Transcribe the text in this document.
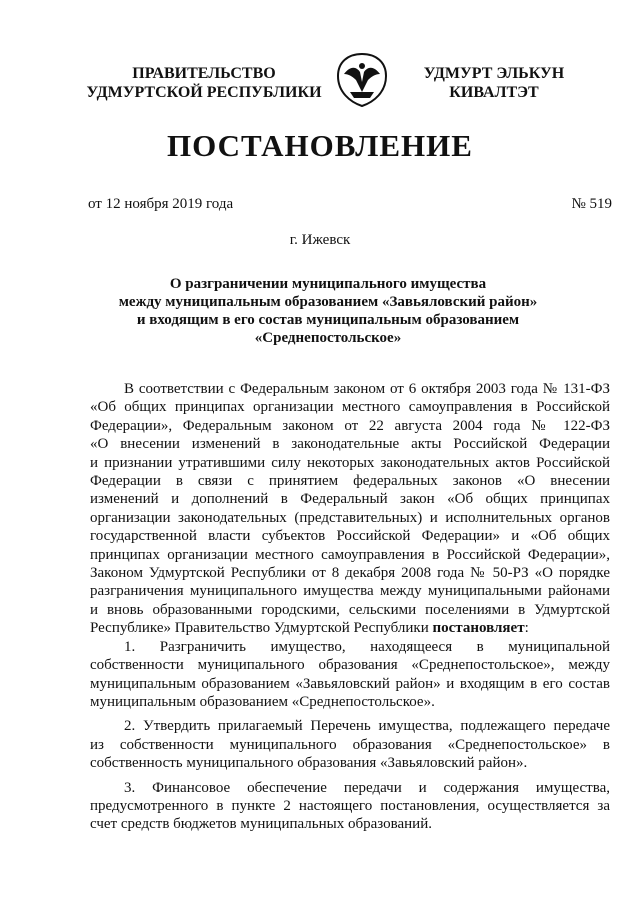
ПРАВИТЕЛЬСТВО
УДМУРТСКОЙ РЕСПУБЛИКИ
УДМУРТ ЭЛЬКУН
КИВАЛТЭТ
ПОСТАНОВЛЕНИЕ
от 12 ноября 2019 года	№ 519
г. Ижевск
О разграничении муниципального имущества
между муниципальным образованием «Завьяловский район»
и входящим в его состав муниципальным образованием
«Среднепостольское»
В соответствии с Федеральным законом от 6 октября 2003 года № 131-ФЗ
«Об общих принципах организации местного самоуправления в Российской
Федерации», Федеральным законом от 22 августа 2004 года № 122-ФЗ
«О внесении изменений в законодательные акты Российской Федерации
и признании утратившими силу некоторых законодательных актов Российской
Федерации в связи с принятием федеральных законов «О внесении
изменений и дополнений в Федеральный закон «Об общих принципах
организации законодательных (представительных) и исполнительных органов
государственной власти субъектов Российской Федерации» и «Об общих
принципах организации местного самоуправления в Российской Федерации»,
Законом Удмуртской Республики от 8 декабря 2008 года № 50-РЗ «О порядке
разграничения муниципального имущества между муниципальными районами
и вновь образованными городскими, сельскими поселениями в Удмуртской
Республике» Правительство Удмуртской Республики постановляет:
1. Разграничить имущество, находящееся в муниципальной
собственности муниципального образования «Среднепостольское», между
муниципальным образованием «Завьяловский район» и входящим в его состав
муниципальным образованием «Среднепостольское».
2. Утвердить прилагаемый Перечень имущества, подлежащего передаче
из собственности муниципального образования «Среднепостольское» в
собственность муниципального образования «Завьяловский район».
3. Финансовое обеспечение передачи и содержания имущества,
предусмотренного в пункте 2 настоящего постановления, осуществляется за
счет средств бюджетов муниципальных образований.
